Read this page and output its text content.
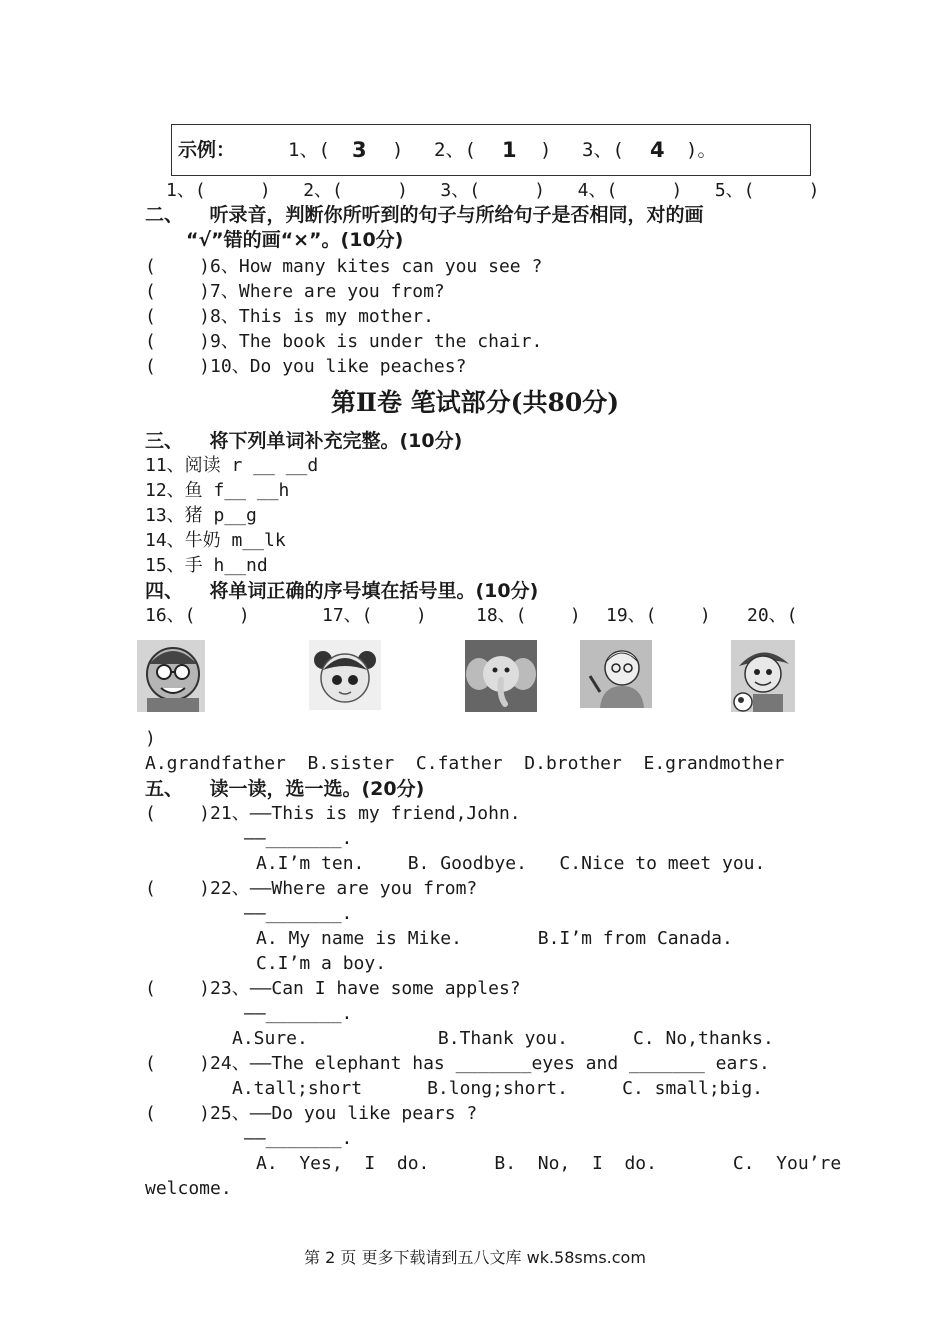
示例：	1、( 3 ) 2、( 1 ) 3、( 4 )。
1、(     )   2、(     )   3、(     )   4、(     )   5、(     )
二、    听录音，判断你所听到的句子与所给句子是否相同，对的画
“√”错的画“×”。(10分)
(    )6、How many kites can you see ?
(    )7、Where are you from?
(    )8、This is my mother.
(    )9、The book is under the chair.
(    )10、Do you like peaches?
第Ⅱ卷 笔试部分(共80分)
三、    将下列单词补充完整。(10分)
11、阅读 r __ __d
12、鱼 f__ __h
13、猪 p__g
14、牛奶 m__lk
15、手 h__nd
四、    将单词正确的序号填在括号里。(10分)
16、(    )	17、(    )	18、(    ) 19、(    ) 20、(
)
A.grandfather  B.sister  C.father  D.brother  E.grandmother
五、    读一读，选一选。(20分)
(    )21、——This is my friend,John.
——_______.
A.I’m ten.    B. Goodbye.   C.Nice to meet you.
(    )22、——Where are you from?
——_______.
A. My name is Mike.       B.I’m from Canada.
C.I’m a boy.
(    )23、——Can I have some apples?
——_______.
A.Sure.            B.Thank you.      C. No,thanks.
(    )24、——The elephant has _______eyes and _______ ears.
A.tall;short      B.long;short.     C. small;big.
(    )25、——Do you like pears ?
——_______.
A.  Yes,  I  do.      B.  No,  I  do.       C.  You’re
welcome.
第 2 页 更多下载请到五八文库 wk.58sms.com
